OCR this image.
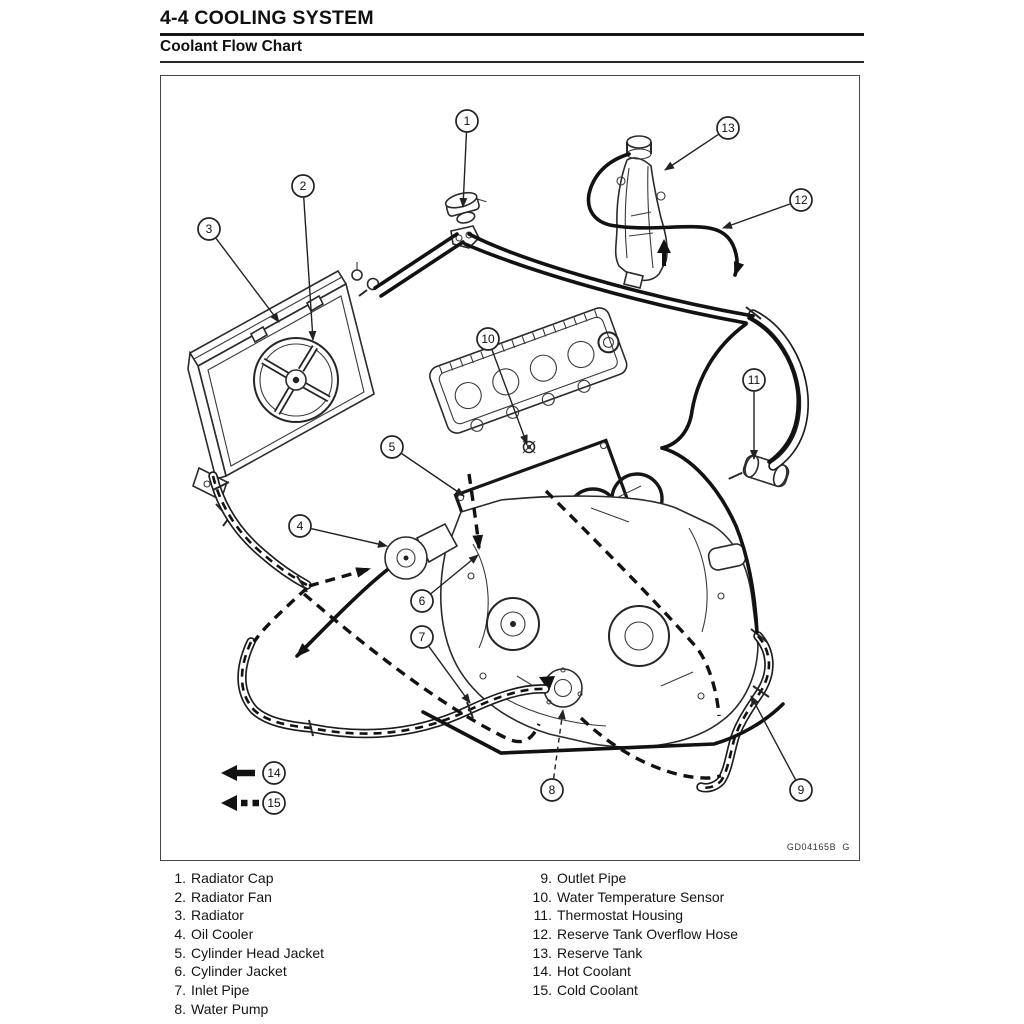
4-4 COOLING SYSTEM
Coolant Flow Chart
1
2
3
4
5
6
7
8	9
10
11
12
13
14
15
GD04165B  G
1. Radiator Cap
2. Radiator Fan
3. Radiator
4. Oil Cooler
5. Cylinder Head Jacket
6. Cylinder Jacket
7. Inlet Pipe
8. Water Pump
9. Outlet Pipe
10. Water Temperature Sensor
11. Thermostat Housing
12. Reserve Tank Overflow Hose
13. Reserve Tank
14. Hot Coolant
15. Cold Coolant
